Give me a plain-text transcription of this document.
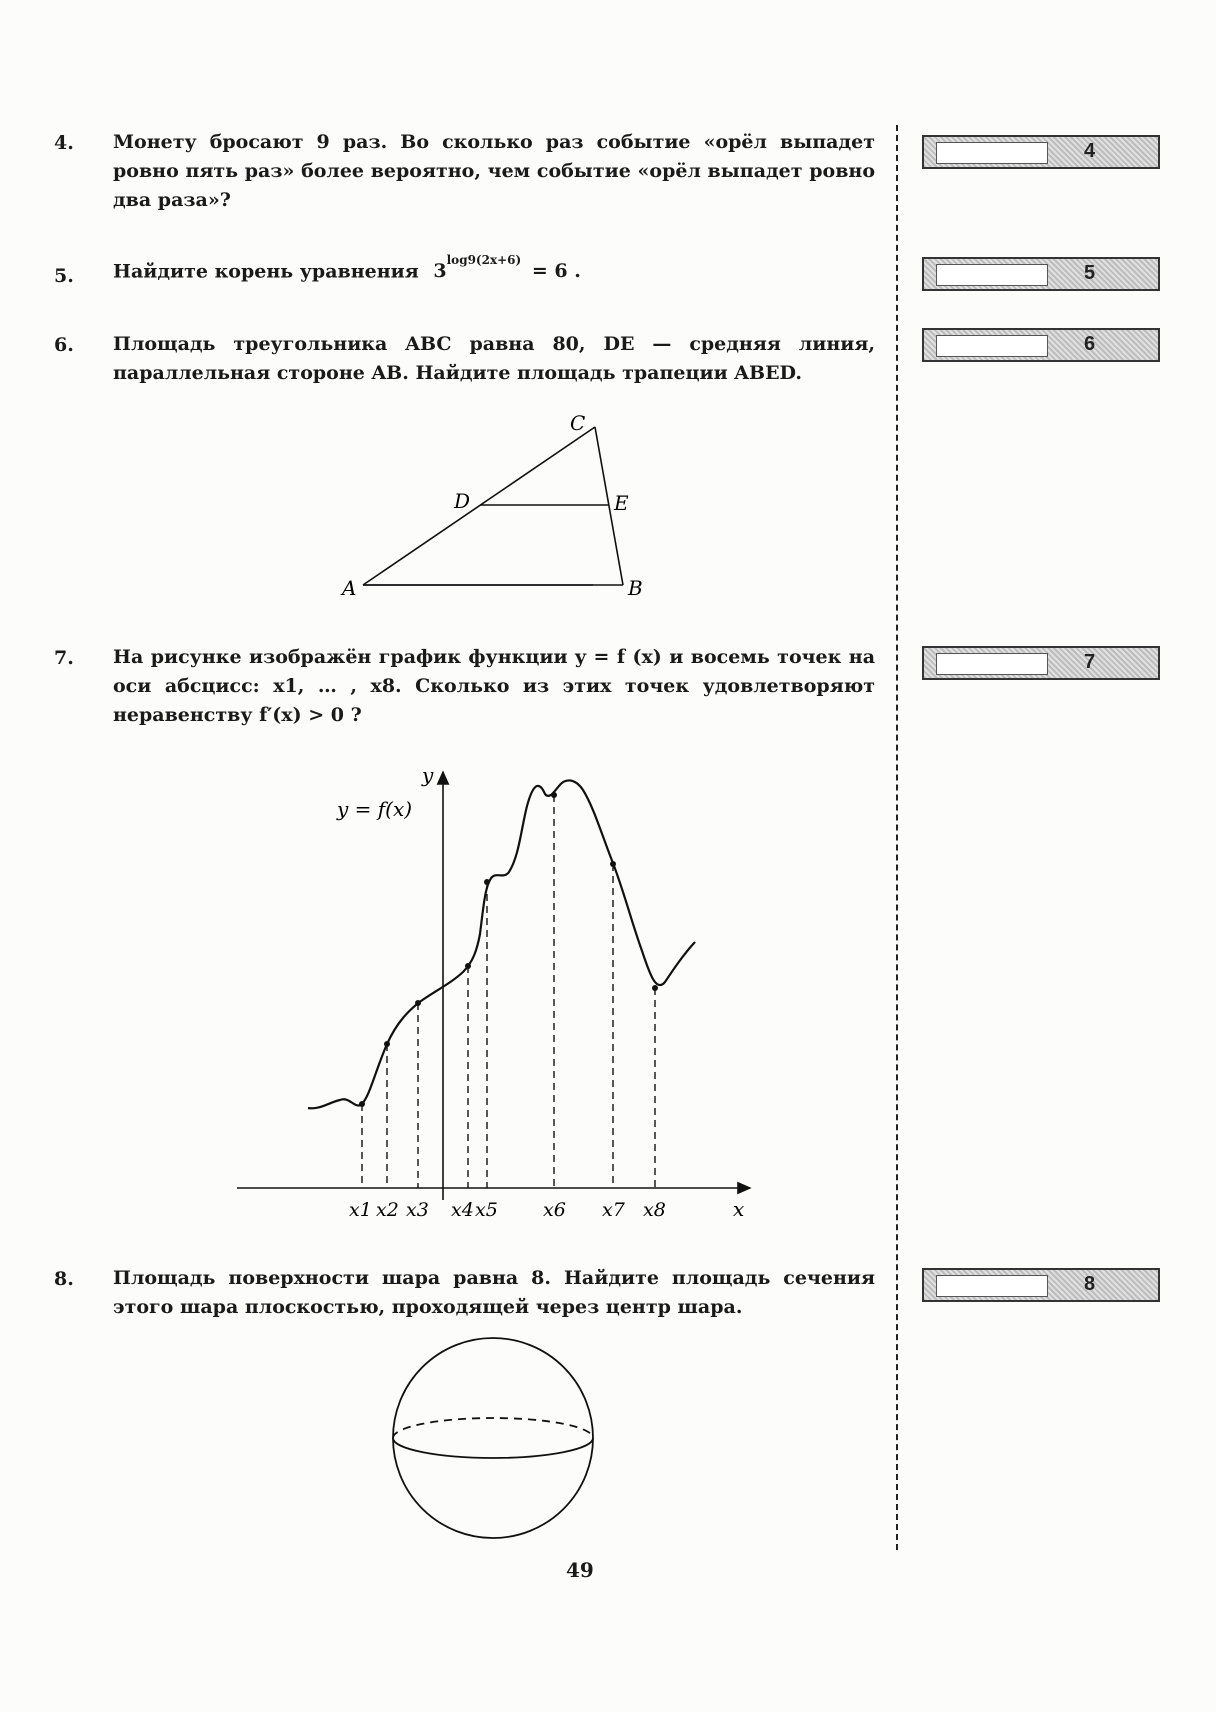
4. Монету бросают 9 раз. Во сколько раз событие «орёл выпадет ровно пять раз» более вероятно, чем событие «орёл выпадет ровно два раза»?
4
5. Найдите корень уравнения $3^{log9(2x+6)} = 6$ .	5
6. Площадь треугольника ABC равна 80, DE — средняя линия, параллельная стороне AB. Найдите площадь трапеции ABED.
6
A	B
C
D	E
7. На рисунке изображён график функции y = f (x) и восемь точек на оси абсцисс: x1, … , x8. Сколько из этих точек удовлетворяют неравенству f′(x) > 0 ?
7
y
x
y = f(x)
x1 x2 x3 x4 x5 x6 x7 x8
8. Площадь поверхности шара равна 8. Найдите площадь сечения этого шара плоскостью, проходящей через центр шара.
8
49
